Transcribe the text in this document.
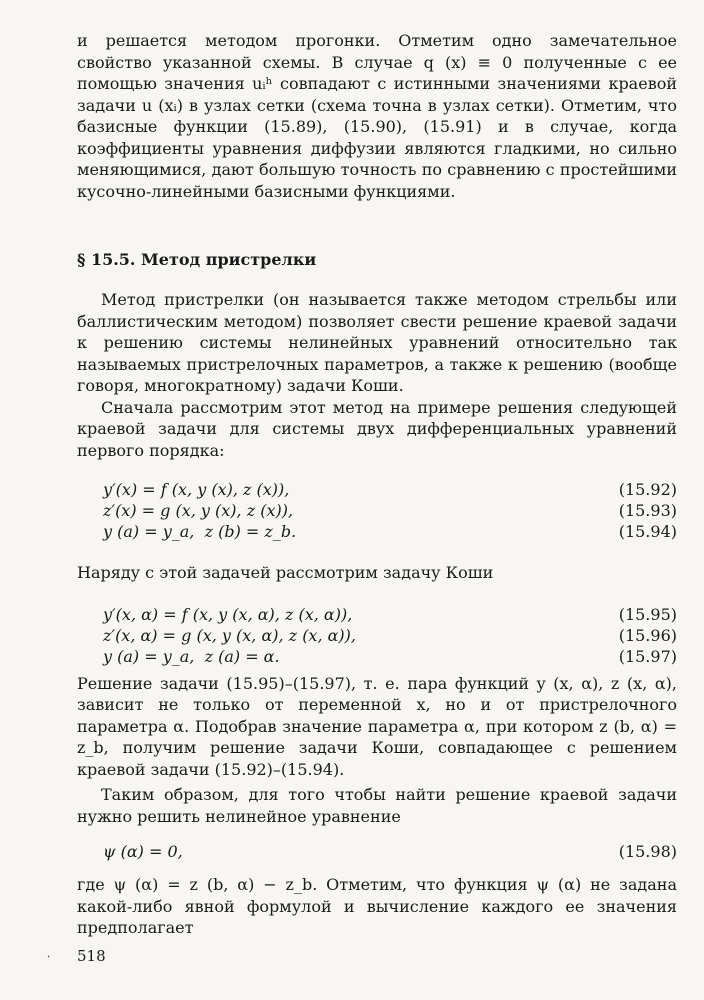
и решается методом прогонки. Отметим одно замечательное свойство указанной схемы. В случае q (x) ≡ 0 полученные с ее помощью значения uᵢʰ совпадают с истинными значениями краевой задачи u (xᵢ) в узлах сетки (схема точна в узлах сетки). Отметим, что базисные функции (15.89), (15.90), (15.91) и в случае, когда коэффициенты уравнения диффузии являются гладкими, но сильно меняющимися, дают большую точность по сравнению с простейшими кусочно-линейными базисными функциями.

§ 15.5. Метод пристрелки

Метод пристрелки (он называется также методом стрельбы или баллистическим методом) позволяет свести решение краевой задачи к решению системы нелинейных уравнений относительно так называемых пристрелочных параметров, а также к решению (вообще говоря, многократному) задачи Коши.

Сначала рассмотрим этот метод на примере решения следующей краевой задачи для системы двух дифференциальных уравнений первого порядка:

y′(x) = f (x, y (x), z (x)),	(15.92)
z′(x) = g (x, y (x), z (x)),	(15.93)
y (a) = y_a,  z (b) = z_b.	(15.94)

Наряду с этой задачей рассмотрим задачу Коши

y′(x, α) = f (x, y (x, α), z (x, α)),	(15.95)
z′(x, α) = g (x, y (x, α), z (x, α)),	(15.96)
y (a) = y_a,  z (a) = α.	(15.97)

Решение задачи (15.95)–(15.97), т. е. пара функций y (x, α), z (x, α), зависит не только от переменной x, но и от пристрелочного параметра α. Подобрав значение параметра α, при котором z (b, α) = z_b, получим решение задачи Коши, совпадающее с решением краевой задачи (15.92)–(15.94).

Таким образом, для того чтобы найти решение краевой задачи нужно решить нелинейное уравнение

ψ (α) = 0,	(15.98)

где ψ (α) = z (b, α) − z_b. Отметим, что функция ψ (α) не задана какой-либо явной формулой и вычисление каждого ее значения предполагает

· 518
